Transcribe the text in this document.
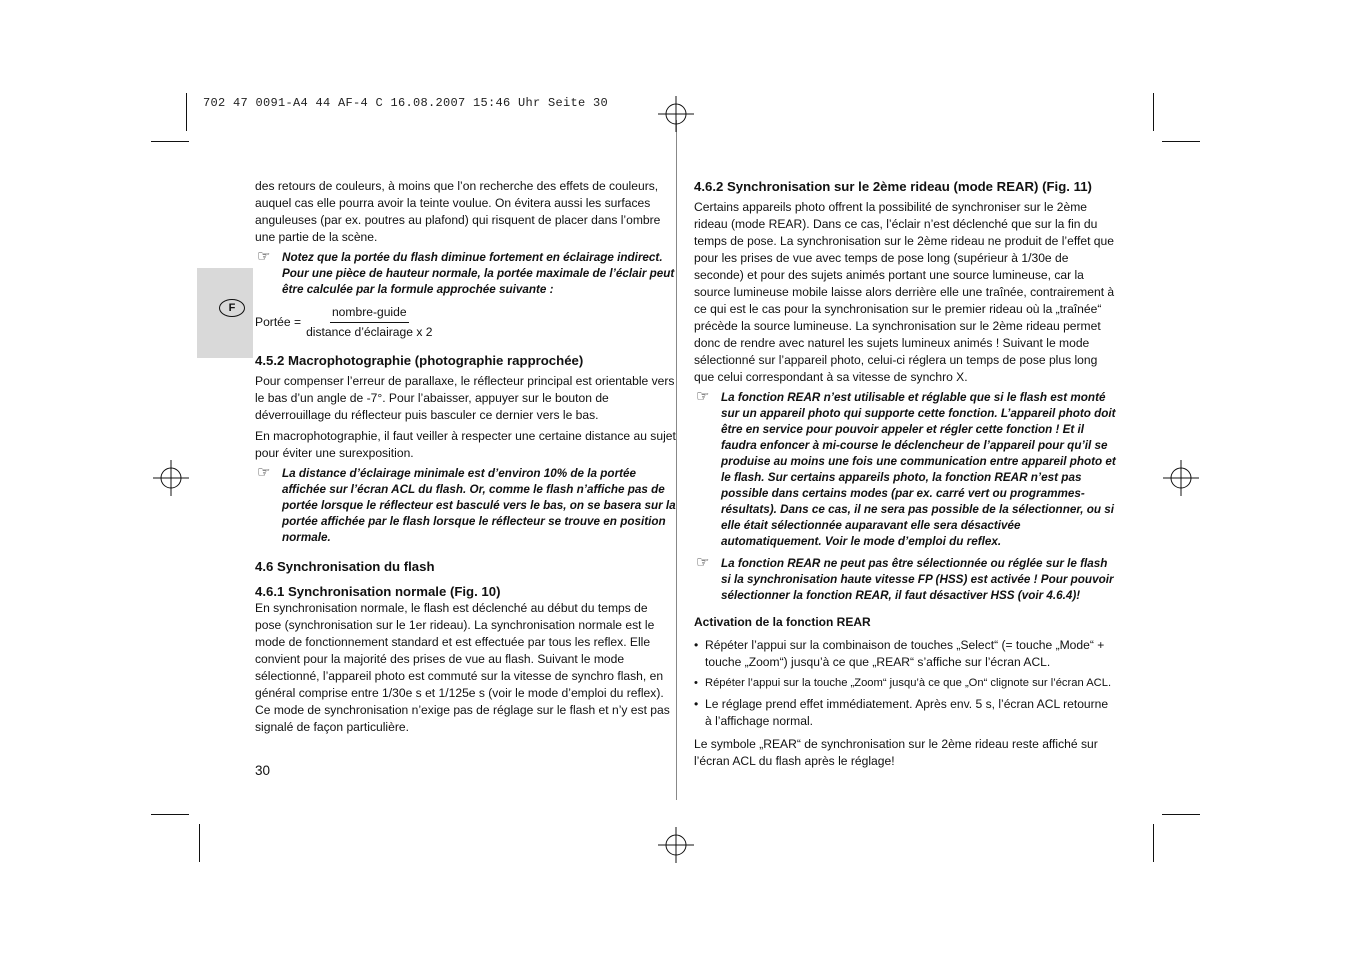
702 47 0091-A4 44 AF-4 C 16.08.2007 15:46 Uhr Seite 30
F

des retours de couleurs, à moins que l’on recherche des effets de couleurs, auquel cas elle pourra avoir la teinte voulue. On évitera aussi les surfaces anguleuses (par ex. poutres au plafond) qui risquent de placer dans l’ombre une partie de la scène.

☞ Notez que la portée du flash diminue fortement en éclairage indirect. Pour une pièce de hauteur normale, la portée maximale de l’éclair peut être calculée par la formule approchée suivante :
Portée = $\frac{\text{nombre-guide}}{\text{distance d’éclairage x 2}}$

4.5.2 Macrophotographie (photographie rapprochée)

Pour compenser l’erreur de parallaxe, le réflecteur principal est orientable vers le bas d’un angle de -7°. Pour l’abaisser, appuyer sur le bouton de déverrouillage du réflecteur puis basculer ce dernier vers le bas.

En macrophotographie, il faut veiller à respecter une certaine distance au sujet pour éviter une surexposition.

☞ La distance d’éclairage minimale est d’environ 10% de la portée affichée sur l’écran ACL du flash. Or, comme le flash n’affiche pas de portée lorsque le réflecteur est basculé vers le bas, on se basera sur la portée affichée par le flash lorsque le réflecteur se trouve en position normale.

4.6 Synchronisation du flash

4.6.1 Synchronisation normale (Fig. 10)

En synchronisation normale, le flash est déclenché au début du temps de pose (synchronisation sur le 1er rideau). La synchronisation normale est le mode de fonctionnement standard et est effectuée par tous les reflex. Elle convient pour la majorité des prises de vue au flash. Suivant le mode sélectionné, l’appareil photo est commuté sur la vitesse de synchro flash, en général comprise entre 1/30e s et 1/125e s (voir le mode d’emploi du reflex). Ce mode de synchronisation n’exige pas de réglage sur le flash et n’y est pas signalé de façon particulière.

30

4.6.2 Synchronisation sur le 2ème rideau (mode REAR) (Fig. 11)

Certains appareils photo offrent la possibilité de synchroniser sur le 2ème rideau (mode REAR). Dans ce cas, l’éclair n’est déclenché que sur la fin du temps de pose. La synchronisation sur le 2ème rideau ne produit de l’effet que pour les prises de vue avec temps de pose long (supérieur à 1/30e de seconde) et pour des sujets animés portant une source lumineuse, car la source lumineuse mobile laisse alors derrière elle une traînée, contrairement à ce qui est le cas pour la synchronisation sur le premier rideau où la „traînée“ précède la source lumineuse. La synchronisation sur le 2ème rideau permet donc de rendre avec naturel les sujets lumineux animés ! Suivant le mode sélectionné sur l’appareil photo, celui-ci réglera un temps de pose plus long que celui correspondant à sa vitesse de synchro X.

☞ La fonction REAR n’est utilisable et réglable que si le flash est monté sur un appareil photo qui supporte cette fonction. L’appareil photo doit être en service pour pouvoir appeler et régler cette fonction ! Et il faudra enfoncer à mi-course le déclencheur de l’appareil pour qu’il se produise au moins une fois une communication entre appareil photo et le flash. Sur certains appareils photo, la fonction REAR n’est pas possible dans certains modes (par ex. carré vert ou programmes-résultats). Dans ce cas, il ne sera pas possible de la sélectionner, ou si elle était sélectionnée auparavant elle sera désactivée automatiquement. Voir le mode d’emploi du reflex.
☞ La fonction REAR ne peut pas être sélectionnée ou réglée sur le flash si la synchronisation haute vitesse FP (HSS) est activée ! Pour pouvoir sélectionner la fonction REAR, il faut désactiver HSS (voir 4.6.4)!

Activation de la fonction REAR

• Répéter l’appui sur la combinaison de touches „Select“ (= touche „Mode“ + touche „Zoom“) jusqu’à ce que „REAR“ s’affiche sur l’écran ACL.
• Répéter l’appui sur la touche „Zoom“ jusqu’à ce que „On“ clignote sur l’écran ACL.
• Le réglage prend effet immédiatement. Après env. 5 s, l’écran ACL retourne à l’affichage normal.

Le symbole „REAR“ de synchronisation sur le 2ème rideau reste affiché sur l’écran ACL du flash après le réglage!
